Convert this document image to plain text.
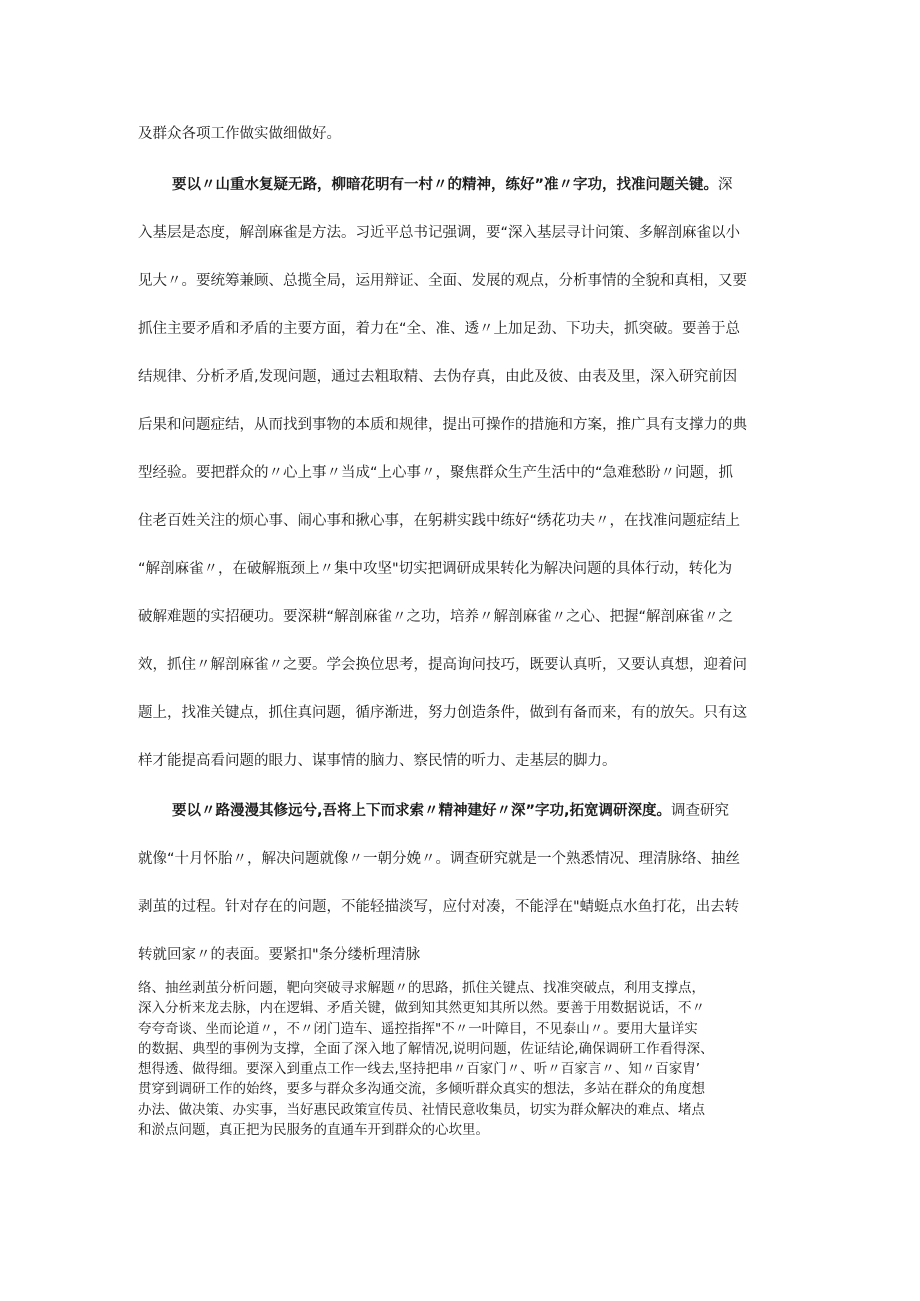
及群众各项工作做实做细做好。
要以〃山重水复疑无路，柳暗花明有一村〃的精神，练好”准〃字功，找准问题关键。深
入基层是态度，解剖麻雀是方法。习近平总书记强调，要“深入基层寻计问策、多解剖麻雀以小
见大〃。要统筹兼顾、总揽全局，运用辩证、全面、发展的观点，分析事情的全貌和真相，又要
抓住主要矛盾和矛盾的主要方面，着力在“全、准、透〃上加足劲、下功夫，抓突破。要善于总
结规律、分析矛盾,发现问题，通过去粗取精、去伪存真，由此及彼、由表及里，深入研究前因
后果和问题症结，从而找到事物的本质和规律，提出可操作的措施和方案，推广具有支撑力的典
型经验。要把群众的〃心上事〃当成“上心事〃，聚焦群众生产生活中的“急难愁盼〃问题，抓
住老百姓关注的烦心事、闹心事和揪心事，在躬耕实践中练好“绣花功夫〃，在找准问题症结上
“解剖麻雀〃，在破解瓶颈上〃集中攻坚"切实把调研成果转化为解决问题的具体行动，转化为
破解难题的实招硬功。要深耕“解剖麻雀〃之功，培养〃解剖麻雀〃之心、把握“解剖麻雀〃之
效，抓住〃解剖麻雀〃之要。学会换位思考，提高询问技巧，既要认真听，又要认真想，迎着问
题上，找准关键点，抓住真问题，循序渐进，努力创造条件，做到有备而来，有的放矢。只有这
样才能提高看问题的眼力、谋事情的脑力、察民情的听力、走基层的脚力。
要以〃路漫漫其修远兮,吾将上下而求索〃精神建好〃深”字功,拓宽调研深度。调查研究
就像“十月怀胎〃，解决问题就像〃一朝分娩〃。调查研究就是一个熟悉情况、理清脉络、抽丝
剥茧的过程。针对存在的问题，不能轻描淡写，应付对凑，不能浮在"蜻蜓点水鱼打花，出去转
转就回家〃的表面。要紧扣"条分缕析理清脉
络、抽丝剥茧分析问题，靶向突破寻求解题〃的思路，抓住关键点、找准突破点，利用支撑点，
深入分析来龙去脉，内在逻辑、矛盾关键，做到知其然更知其所以然。要善于用数据说话，不〃
夸夸奇谈、坐而论道〃，不〃闭门造车、遥控指挥"不〃一叶障目，不见泰山〃。要用大量详实
的数据、典型的事例为支撑，全面了深入地了解情况,说明问题，佐证结论,确保调研工作看得深、
想得透、做得细。要深入到重点工作一线去,坚持把串〃百家门〃、听〃百家言〃、知〃百家胄’
贯穿到调研工作的始终，要多与群众多沟通交流，多倾听群众真实的想法，多站在群众的角度想
办法、做决策、办实事，当好惠民政策宣传员、社情民意收集员，切实为群众解决的难点、堵点
和淤点问题，真正把为民服务的直通车开到群众的心坎里。
